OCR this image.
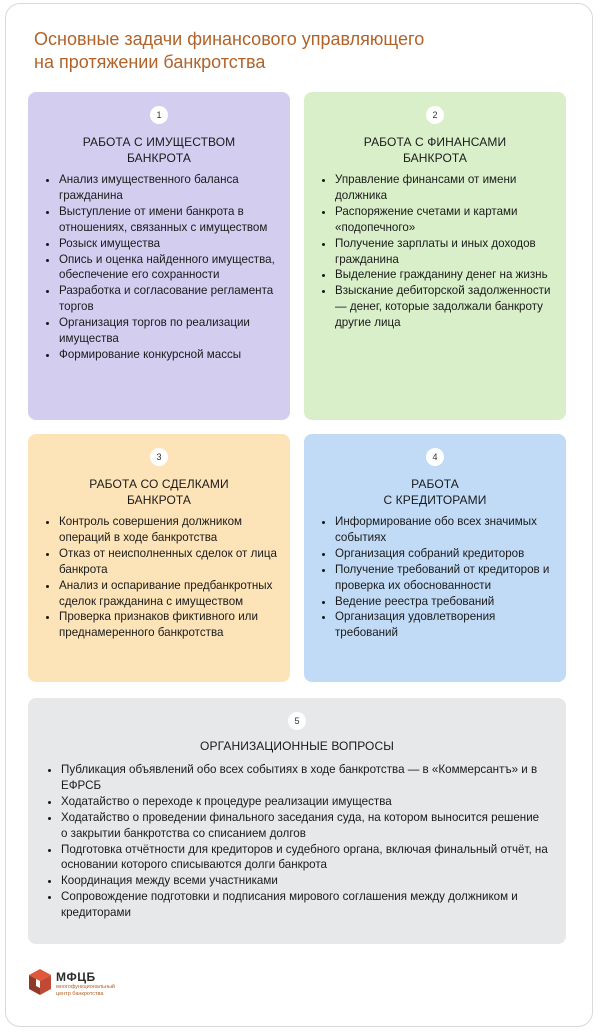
Основные задачи финансового управляющего
на протяжении банкротства
1
РАБОТА С ИМУЩЕСТВОМ
БАНКРОТА
• Анализ имущественного баланса гражданина
• Выступление от имени банкрота в отношениях, связанных с имуществом
• Розыск имущества
• Опись и оценка найденного имущества, обеспечение его сохранности
• Разработка и согласование регламента торгов
• Организация торгов по реализации имущества
• Формирование конкурсной массы
2
РАБОТА С ФИНАНСАМИ
БАНКРОТА
• Управление финансами от имени должника
• Распоряжение счетами и картами «подопечного»
• Получение зарплаты и иных доходов гражданина
• Выделение гражданину денег на жизнь
• Взыскание дебиторской задолженности — денег, которые задолжали банкроту другие лица
3
РАБОТА СО СДЕЛКАМИ
БАНКРОТА
• Контроль совершения должником операций в ходе банкротства
• Отказ от неисполненных сделок от лица банкрота
• Анализ и оспаривание предбанкротных сделок гражданина с имуществом
• Проверка признаков фиктивного или преднамеренного банкротства
4
РАБОТА
С КРЕДИТОРАМИ
• Информирование обо всех значимых событиях
• Организация собраний кредиторов
• Получение требований от кредиторов и проверка их обоснованности
• Ведение реестра требований
• Организация удовлетворения требований
5
ОРГАНИЗАЦИОННЫЕ ВОПРОСЫ
• Публикация объявлений обо всех событиях в ходе банкротства — в «Коммерсантъ» и в ЕФРСБ
• Ходатайство о переходе к процедуре реализации имущества
• Ходатайство о проведении финального заседания суда, на котором выносится решение о закрытии банкротства со списанием долгов
• Подготовка отчётности для кредиторов и судебного органа, включая финальный отчёт, на основании которого списываются долги банкрота
• Координация между всеми участниками
• Сопровождение подготовки и подписания мирового соглашения между должником и кредиторами
МФЦБ
многофункциональный
центр банкротства
